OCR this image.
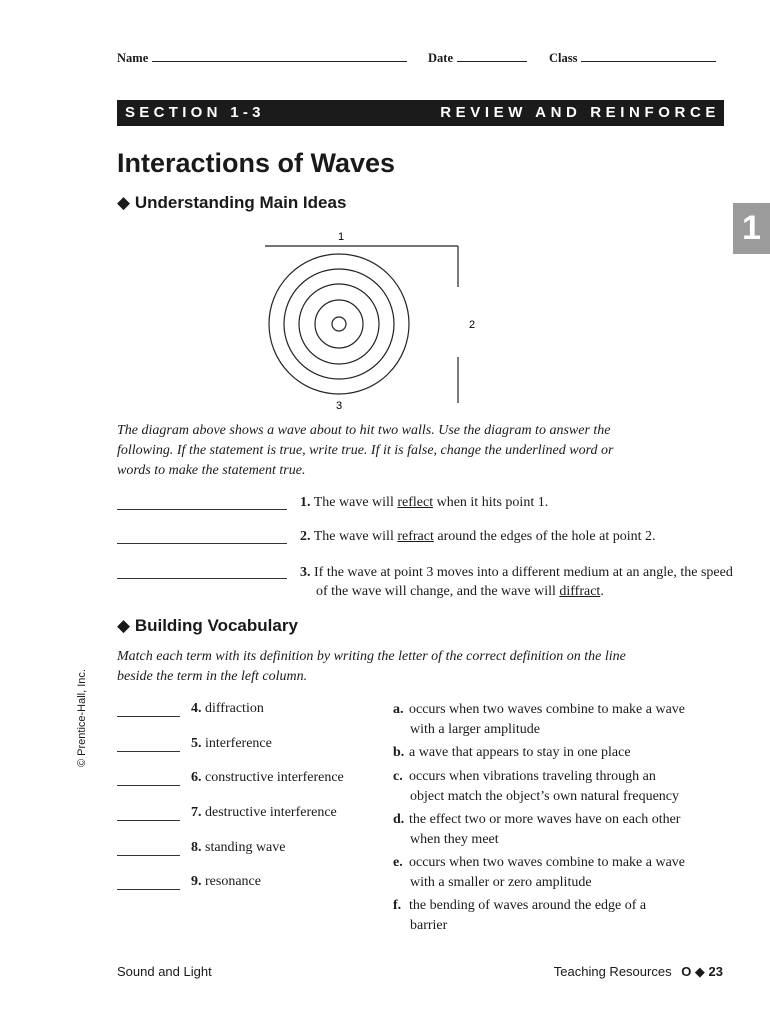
Name	Date	Class
SECTION 1-3	REVIEW AND REINFORCE
Interactions of Waves
1
◆ Understanding Main Ideas
1
2
3
The diagram above shows a wave about to hit two walls. Use the diagram to answer the following. If the statement is true, write true. If it is false, change the underlined word or words to make the statement true.
1. The wave will reflect when it hits point 1.
2. The wave will refract around the edges of the hole at point 2.
3. If the wave at point 3 moves into a different medium at an angle, the speed of the wave will change, and the wave will diffract.
◆ Building Vocabulary
Match each term with its definition by writing the letter of the correct definition on the line beside the term in the left column.
4. diffraction
5. interference
6. constructive interference
7. destructive interference
8. standing wave
9. resonance
a. occurs when two waves combine to make a wave
with a larger amplitude
b. a wave that appears to stay in one place
c. occurs when vibrations traveling through an
object match the object’s own natural frequency
d. the effect two or more waves have on each other
when they meet
e. occurs when two waves combine to make a wave
with a smaller or zero amplitude
f. the bending of waves around the edge of a
barrier
© Prentice-Hall, Inc.
Sound and Light	Teaching Resources O ◆ 23
